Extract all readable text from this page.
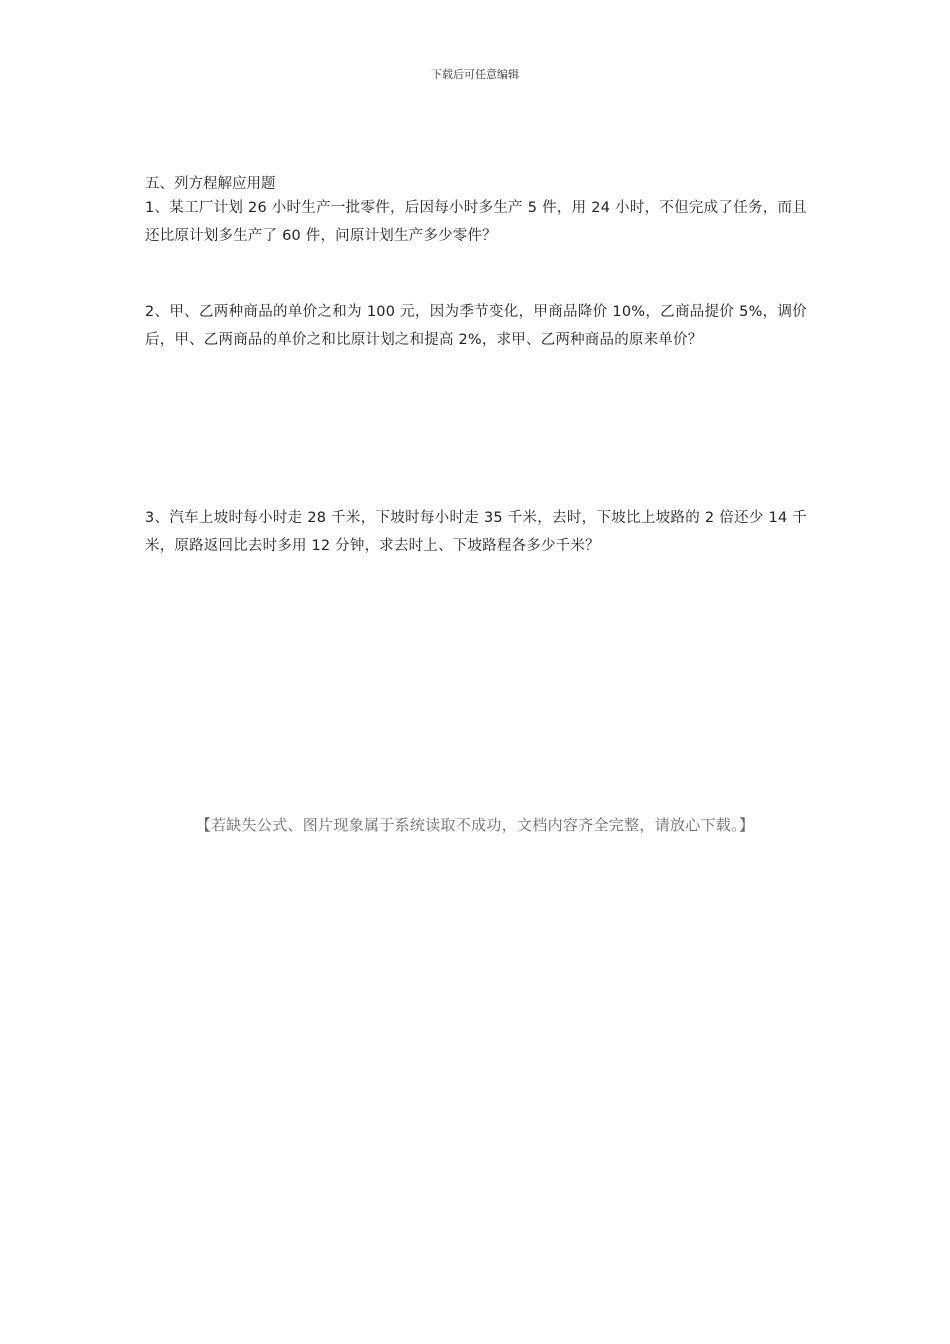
下载后可任意编辑
五、列方程解应用题
1、某工厂计划 26 小时生产一批零件，后因每小时多生产 5 件，用 24 小时，不但完成了任务，而且还比原计划多生产了 60 件，问原计划生产多少零件？
2、甲、乙两种商品的单价之和为 100 元，因为季节变化，甲商品降价 10%，乙商品提价 5%，调价后，甲、乙两商品的单价之和比原计划之和提高 2%，求甲、乙两种商品的原来单价？
3、汽车上坡时每小时走 28 千米，下坡时每小时走 35 千米，去时，下坡比上坡路的 2 倍还少 14 千米，原路返回比去时多用 12 分钟，求去时上、下坡路程各多少千米？
【若缺失公式、图片现象属于系统读取不成功，文档内容齐全完整，请放心下载。】
